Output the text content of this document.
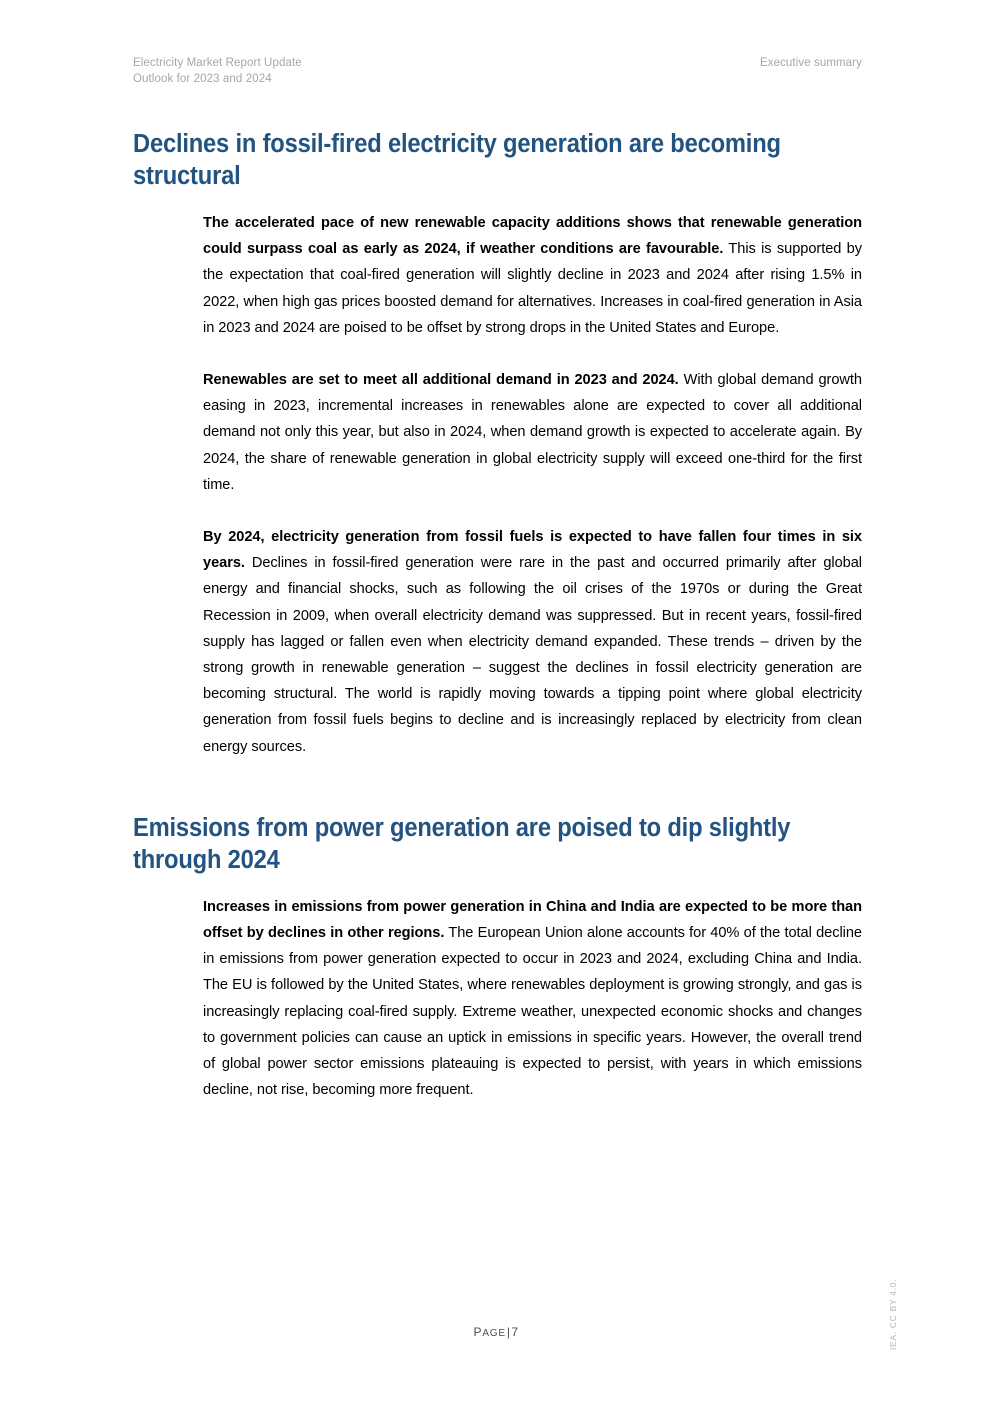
Electricity Market Report Update
Outlook for 2023 and 2024
Executive summary
Declines in fossil-fired electricity generation are becoming structural

The accelerated pace of new renewable capacity additions shows that renewable generation could surpass coal as early as 2024, if weather conditions are favourable. This is supported by the expectation that coal-fired generation will slightly decline in 2023 and 2024 after rising 1.5% in 2022, when high gas prices boosted demand for alternatives. Increases in coal-fired generation in Asia in 2023 and 2024 are poised to be offset by strong drops in the United States and Europe.

Renewables are set to meet all additional demand in 2023 and 2024. With global demand growth easing in 2023, incremental increases in renewables alone are expected to cover all additional demand not only this year, but also in 2024, when demand growth is expected to accelerate again. By 2024, the share of renewable generation in global electricity supply will exceed one-third for the first time.

By 2024, electricity generation from fossil fuels is expected to have fallen four times in six years. Declines in fossil-fired generation were rare in the past and occurred primarily after global energy and financial shocks, such as following the oil crises of the 1970s or during the Great Recession in 2009, when overall electricity demand was suppressed. But in recent years, fossil-fired supply has lagged or fallen even when electricity demand expanded. These trends – driven by the strong growth in renewable generation – suggest the declines in fossil electricity generation are becoming structural. The world is rapidly moving towards a tipping point where global electricity generation from fossil fuels begins to decline and is increasingly replaced by electricity from clean energy sources.

Emissions from power generation are poised to dip slightly through 2024

Increases in emissions from power generation in China and India are expected to be more than offset by declines in other regions. The European Union alone accounts for 40% of the total decline in emissions from power generation expected to occur in 2023 and 2024, excluding China and India. The EU is followed by the United States, where renewables deployment is growing strongly, and gas is increasingly replacing coal-fired supply. Extreme weather, unexpected economic shocks and changes to government policies can cause an uptick in emissions in specific years. However, the overall trend of global power sector emissions plateauing is expected to persist, with years in which emissions decline, not rise, becoming more frequent.

PAGE|7	IEA. CC BY 4.0.
